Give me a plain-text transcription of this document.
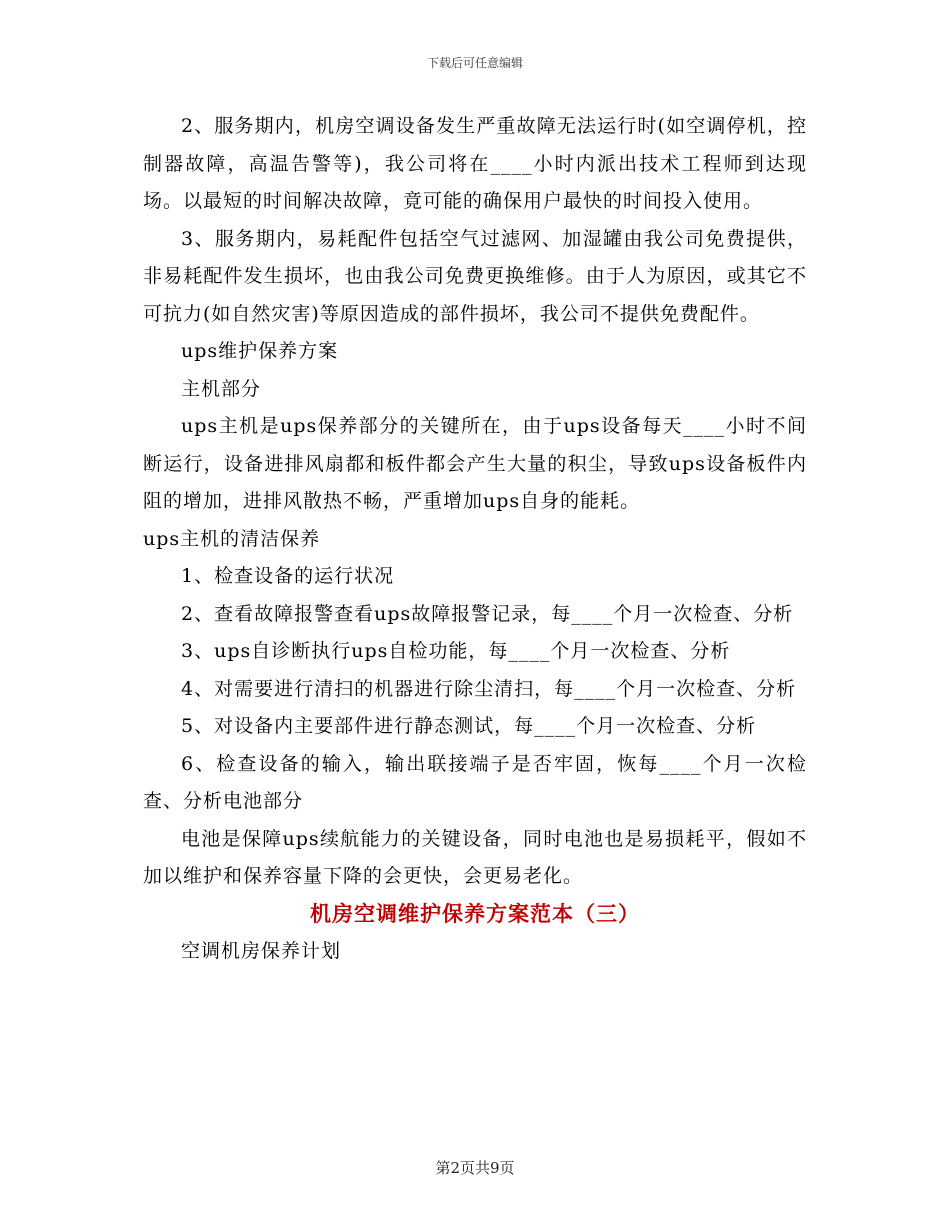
下载后可任意编辑

2、服务期内，机房空调设备发生严重故障无法运行时(如空调停机，控制器故障，高温告警等)，我公司将在____小时内派出技术工程师到达现场。以最短的时间解决故障，竟可能的确保用户最快的时间投入使用。

3、服务期内，易耗配件包括空气过滤网、加湿罐由我公司免费提供，非易耗配件发生损坏，也由我公司免费更换维修。由于人为原因，或其它不可抗力(如自然灾害)等原因造成的部件损坏，我公司不提供免费配件。

ups维护保养方案

主机部分

ups主机是ups保养部分的关键所在，由于ups设备每天____小时不间断运行，设备进排风扇都和板件都会产生大量的积尘，导致ups设备板件内阻的增加，进排风散热不畅，严重增加ups自身的能耗。

ups主机的清洁保养

1、检查设备的运行状况

2、查看故障报警查看ups故障报警记录，每____个月一次检查、分析

3、ups自诊断执行ups自检功能，每____个月一次检查、分析

4、对需要进行清扫的机器进行除尘清扫，每____个月一次检查、分析

5、对设备内主要部件进行静态测试，每____个月一次检查、分析

6、检查设备的输入，输出联接端子是否牢固，恢每____个月一次检查、分析电池部分

电池是保障ups续航能力的关键设备，同时电池也是易损耗平，假如不加以维护和保养容量下降的会更快，会更易老化。

机房空调维护保养方案范本（三）

空调机房保养计划

第2页共9页
